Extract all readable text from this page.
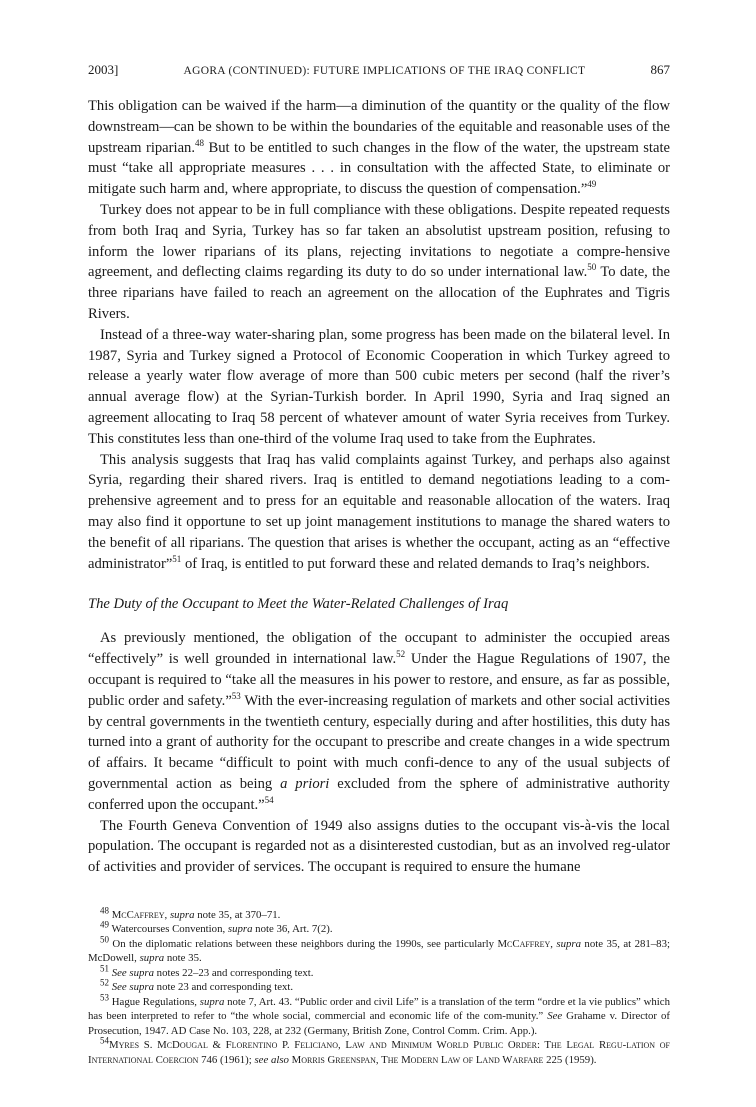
2003]	AGORA (CONTINUED): FUTURE IMPLICATIONS OF THE IRAQ CONFLICT	867

This obligation can be waived if the harm—a diminution of the quantity or the quality of the flow downstream—can be shown to be within the boundaries of the equitable and reasonable uses of the upstream riparian.$^{48}$ But to be entitled to such changes in the flow of the water, the upstream state must “take all appropriate measures . . . in consultation with the affected State, to eliminate or mitigate such harm and, where appropriate, to discuss the question of compensation.”$^{49}$

Turkey does not appear to be in full compliance with these obligations. Despite repeated requests from both Iraq and Syria, Turkey has so far taken an absolutist upstream position, refusing to inform the lower riparians of its plans, rejecting invitations to negotiate a compre-hensive agreement, and deflecting claims regarding its duty to do so under international law.$^{50}$ To date, the three riparians have failed to reach an agreement on the allocation of the Euphrates and Tigris Rivers.

Instead of a three-way water-sharing plan, some progress has been made on the bilateral level. In 1987, Syria and Turkey signed a Protocol of Economic Cooperation in which Turkey agreed to release a yearly water flow average of more than 500 cubic meters per second (half the river’s annual average flow) at the Syrian-Turkish border. In April 1990, Syria and Iraq signed an agreement allocating to Iraq 58 percent of whatever amount of water Syria receives from Turkey. This constitutes less than one-third of the volume Iraq used to take from the Euphrates.

This analysis suggests that Iraq has valid complaints against Turkey, and perhaps also against Syria, regarding their shared rivers. Iraq is entitled to demand negotiations leading to a com-prehensive agreement and to press for an equitable and reasonable allocation of the waters. Iraq may also find it opportune to set up joint management institutions to manage the shared waters to the benefit of all riparians. The question that arises is whether the occupant, acting as an “effective administrator”$^{51}$ of Iraq, is entitled to put forward these and related demands to Iraq’s neighbors.

The Duty of the Occupant to Meet the Water-Related Challenges of Iraq

As previously mentioned, the obligation of the occupant to administer the occupied areas “effectively” is well grounded in international law.$^{52}$ Under the Hague Regulations of 1907, the occupant is required to “take all the measures in his power to restore, and ensure, as far as possible, public order and safety.”$^{53}$ With the ever-increasing regulation of markets and other social activities by central governments in the twentieth century, especially during and after hostilities, this duty has turned into a grant of authority for the occupant to prescribe and create changes in a wide spectrum of affairs. It became “difficult to point with much confi-dence to any of the usual subjects of governmental action as being a priori excluded from the sphere of administrative authority conferred upon the occupant.”$^{54}$

The Fourth Geneva Convention of 1949 also assigns duties to the occupant vis-à-vis the local population. The occupant is regarded not as a disinterested custodian, but as an involved reg-ulator of activities and provider of services. The occupant is required to ensure the humane

$^{48}$ McCaffrey, supra note 35, at 370–71.

$^{49}$ Watercourses Convention, supra note 36, Art. 7(2).

$^{50}$ On the diplomatic relations between these neighbors during the 1990s, see particularly McCaffrey, supra note 35, at 281–83; McDowell, supra note 35.

$^{51}$ See supra notes 22–23 and corresponding text.

$^{52}$ See supra note 23 and corresponding text.

$^{53}$ Hague Regulations, supra note 7, Art. 43. “Public order and civil Life” is a translation of the term “ordre et la vie publics” which has been interpreted to refer to “the whole social, commercial and economic life of the com-munity.” See Grahame v. Director of Prosecution, 1947. AD Case No. 103, 228, at 232 (Germany, British Zone, Control Comm. Crim. App.).

$^{54}$Myres S. McDougal & Florentino P. Feliciano, Law and Minimum World Public Order: The Legal Regu-lation of International Coercion 746 (1961); see also Morris Greenspan, The Modern Law of Land Warfare 225 (1959).
